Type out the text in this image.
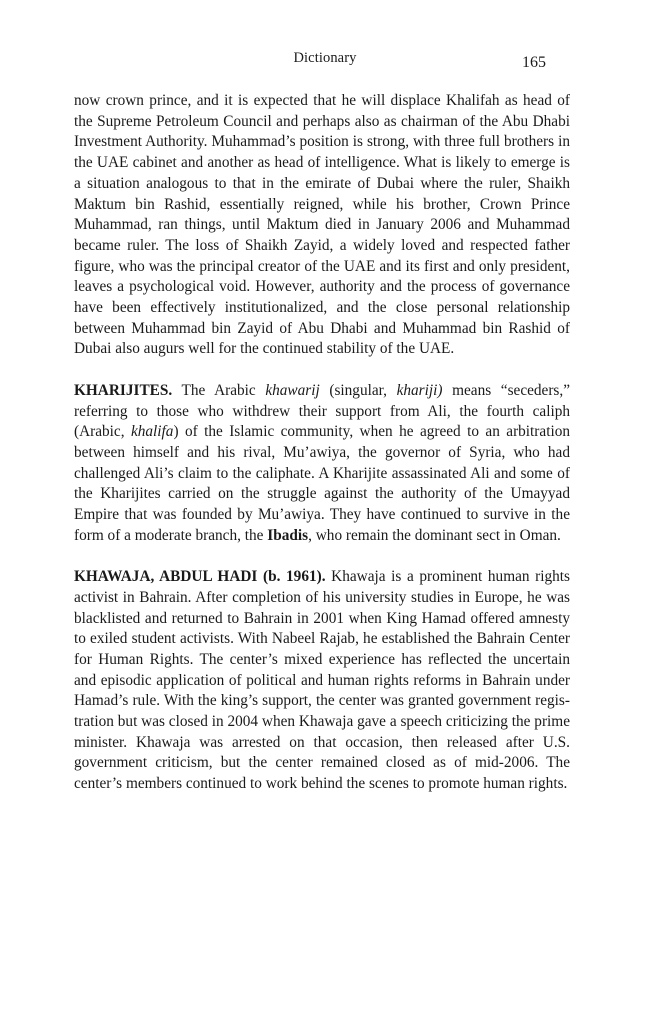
Dictionary	165

now crown prince, and it is expected that he will displace Khalifah as head of the Supreme Petroleum Council and perhaps also as chairman of the Abu Dhabi Investment Authority. Muhammad’s position is strong, with three full brothers in the UAE cabinet and another as head of intelligence. What is likely to emerge is a situation analogous to that in the emirate of Dubai where the ruler, Shaikh Maktum bin Rashid, essentially reigned, while his brother, Crown Prince Muhammad, ran things, until Maktum died in January 2006 and Muhammad became ruler. The loss of Shaikh Zayid, a widely loved and respected father figure, who was the principal creator of the UAE and its first and only president, leaves a psychological void. However, authority and the process of governance have been effectively institutionalized, and the close personal relationship between Muhammad bin Zayid of Abu Dhabi and Muhammad bin Rashid of Dubai also augurs well for the continued stability of the UAE.

KHARIJITES. The Arabic khawarij (singular, khariji) means “seceders,” referring to those who withdrew their support from Ali, the fourth caliph (Arabic, khalifa) of the Islamic community, when he agreed to an arbitration between himself and his rival, Mu’awiya, the governor of Syria, who had challenged Ali’s claim to the caliphate. A Kharijite assassinated Ali and some of the Kharijites carried on the struggle against the authority of the Umayyad Empire that was founded by Mu’awiya. They have continued to survive in the form of a moderate branch, the Ibadis, who remain the dominant sect in Oman.

KHAWAJA, ABDUL HADI (b. 1961). Khawaja is a prominent human rights activist in Bahrain. After completion of his university studies in Europe, he was blacklisted and returned to Bahrain in 2001 when King Hamad offered amnesty to exiled student activists. With Nabeel Rajab, he established the Bahrain Center for Human Rights. The center’s mixed experience has reflected the uncertain and episodic application of political and human rights reforms in Bahrain under Hamad’s rule. With the king’s support, the center was granted government registration but was closed in 2004 when Khawaja gave a speech criticizing the prime minister. Khawaja was arrested on that occasion, then released after U.S. government criticism, but the center remained closed as of mid-2006. The center’s members continued to work behind the scenes to promote human rights.
